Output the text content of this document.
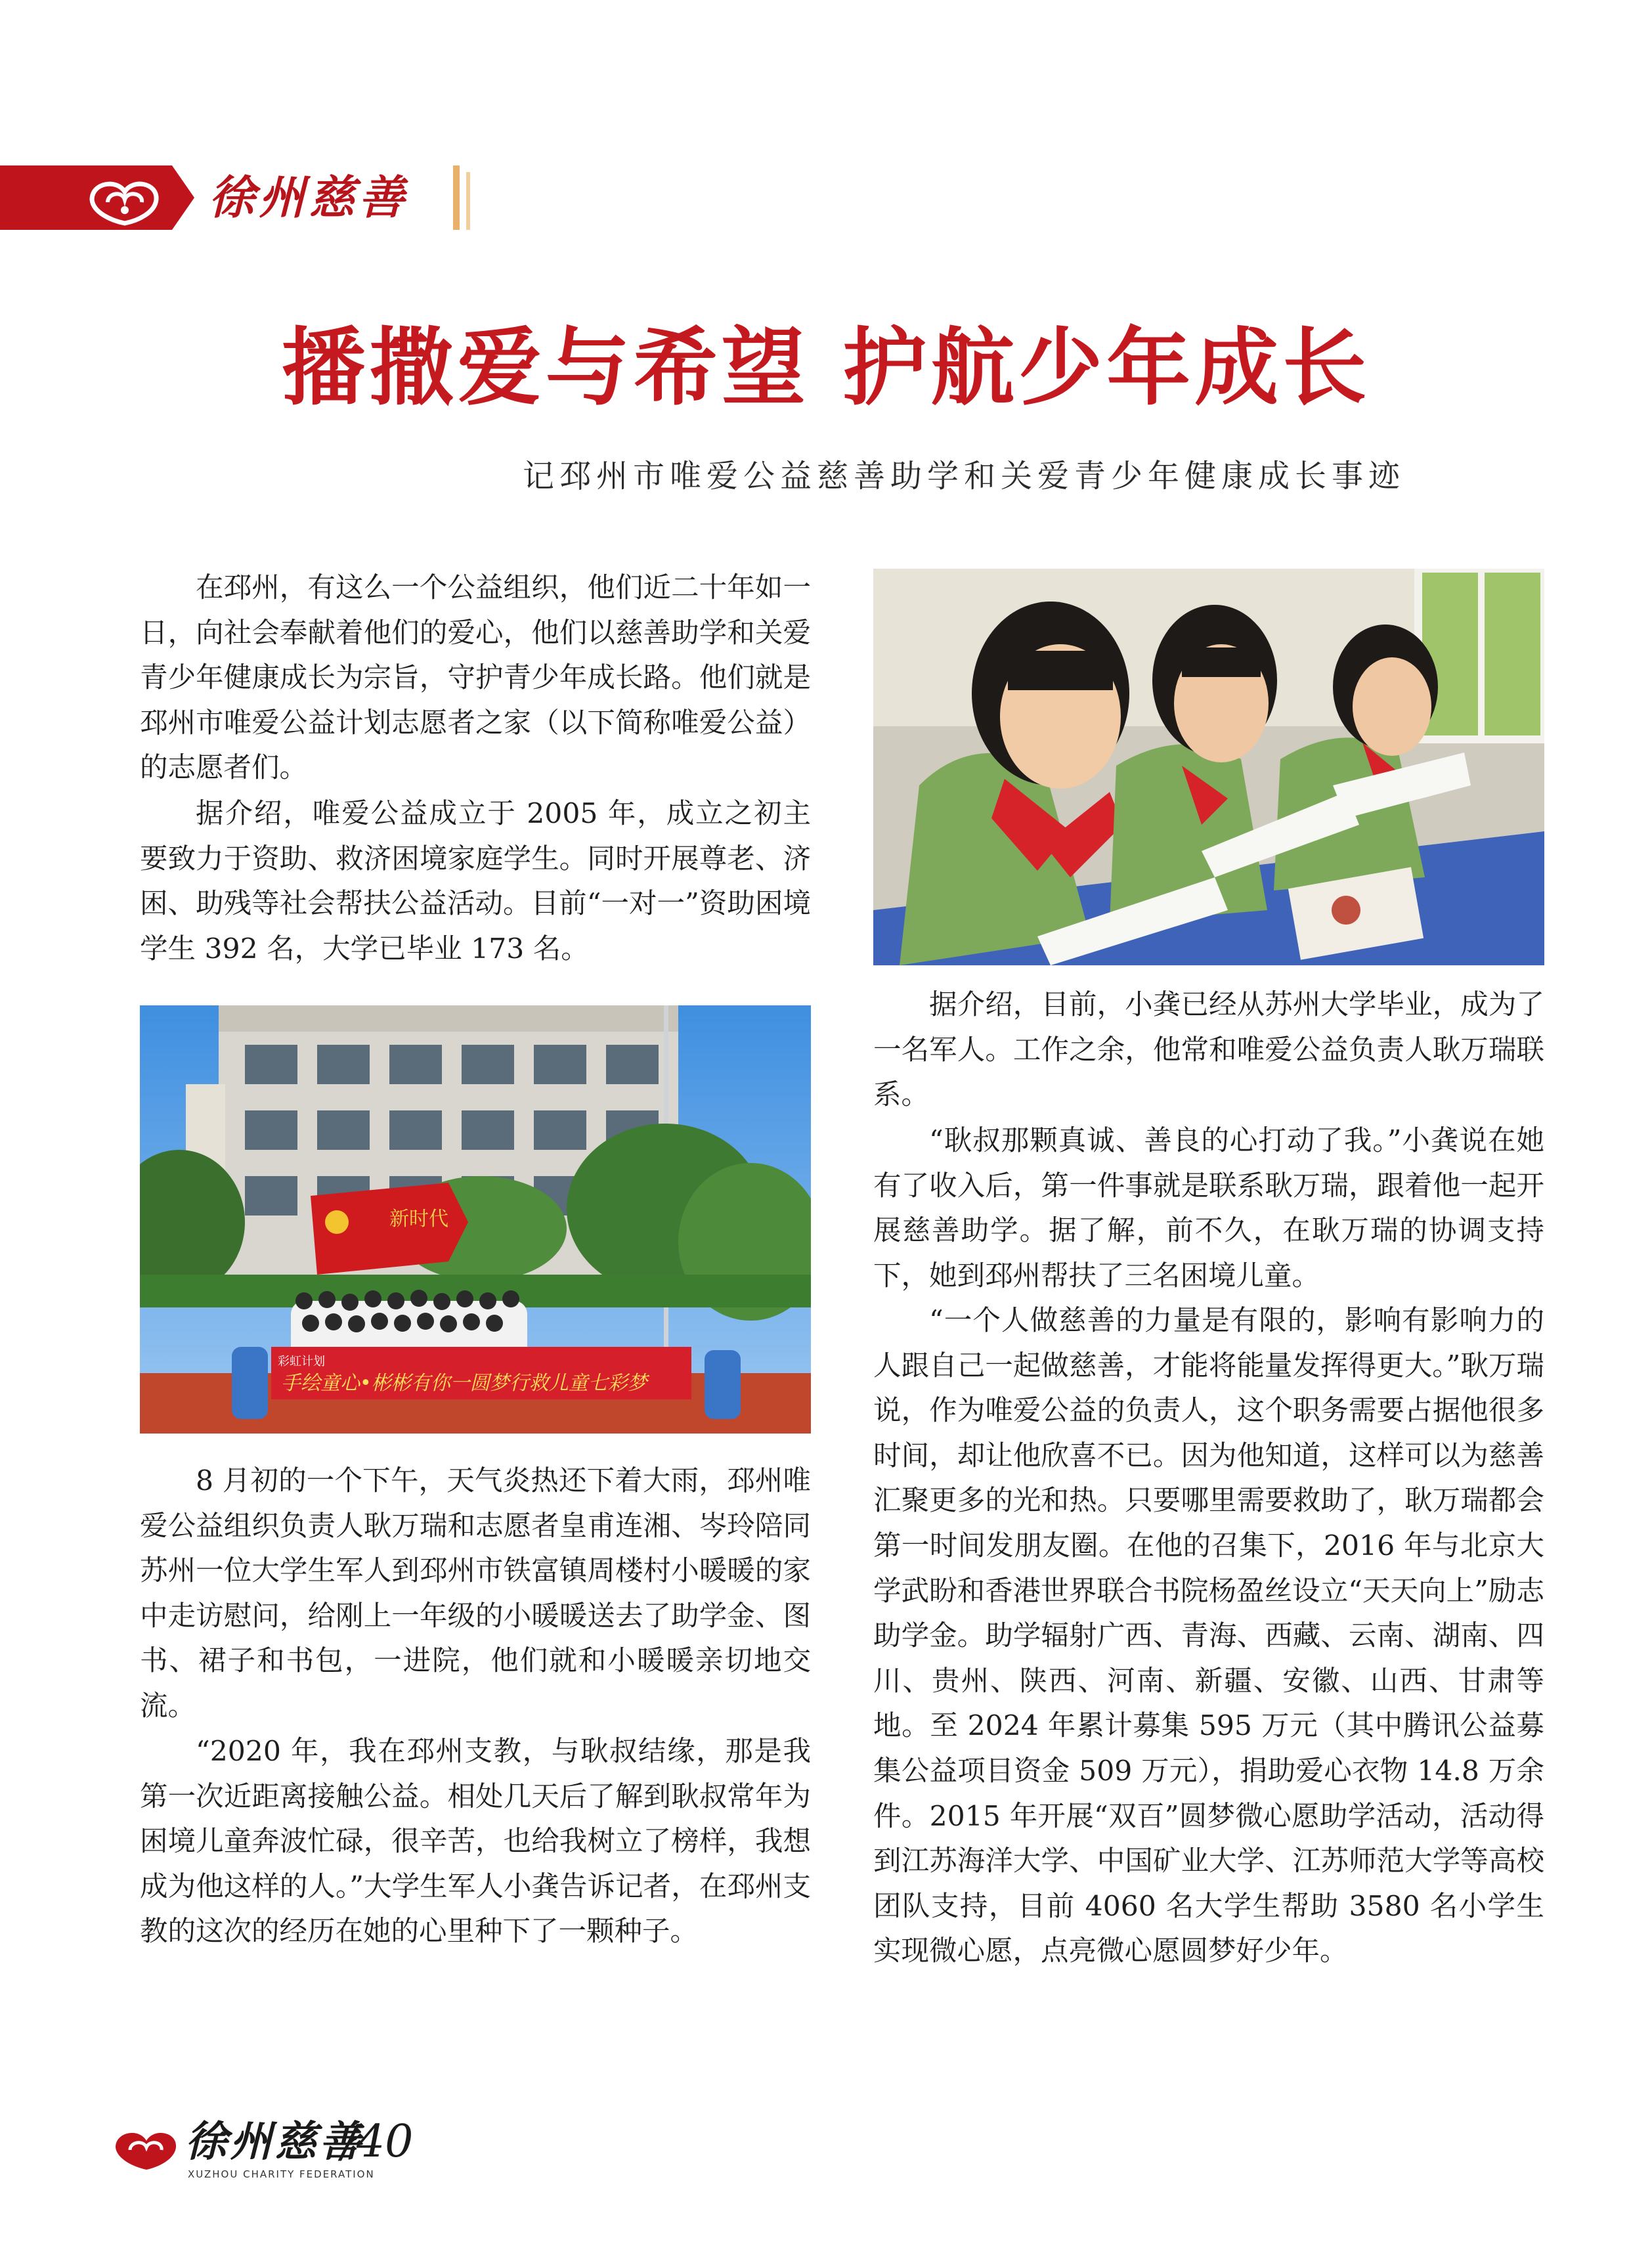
徐州慈善
播撒爱与希望 护航少年成长
记邳州市唯爱公益慈善助学和关爱青少年健康成长事迹

在邳州，有这么一个公益组织，他们近二十年如一日，向社会奉献着他们的爱心，他们以慈善助学和关爱青少年健康成长为宗旨，守护青少年成长路。他们就是邳州市唯爱公益计划志愿者之家（以下简称唯爱公益）的志愿者们。

据介绍，唯爱公益成立于 2005 年，成立之初主要致力于资助、救济困境家庭学生。同时开展尊老、济困、助残等社会帮扶公益活动。目前“一对一”资助困境学生 392 名，大学已毕业 173 名。

新时代
彩虹计划
手绘童心•彬彬有你一圆梦行救儿童七彩梦

8 月初的一个下午，天气炎热还下着大雨，邳州唯爱公益组织负责人耿万瑞和志愿者皇甫连湘、岑玲陪同苏州一位大学生军人到邳州市铁富镇周楼村小暖暖的家中走访慰问，给刚上一年级的小暖暖送去了助学金、图书、裙子和书包，一进院，他们就和小暖暖亲切地交流。

“2020 年，我在邳州支教，与耿叔结缘，那是我第一次近距离接触公益。相处几天后了解到耿叔常年为困境儿童奔波忙碌，很辛苦，也给我树立了榜样，我想成为他这样的人。”大学生军人小龚告诉记者，在邳州支教的这次的经历在她的心里种下了一颗种子。

据介绍，目前，小龚已经从苏州大学毕业，成为了一名军人。工作之余，他常和唯爱公益负责人耿万瑞联系。

“耿叔那颗真诚、善良的心打动了我。”小龚说在她有了收入后，第一件事就是联系耿万瑞，跟着他一起开展慈善助学。据了解，前不久，在耿万瑞的协调支持下，她到邳州帮扶了三名困境儿童。

“一个人做慈善的力量是有限的，影响有影响力的人跟自己一起做慈善，才能将能量发挥得更大。”耿万瑞说，作为唯爱公益的负责人，这个职务需要占据他很多时间，却让他欣喜不已。因为他知道，这样可以为慈善汇聚更多的光和热。只要哪里需要救助了，耿万瑞都会第一时间发朋友圈。在他的召集下，2016 年与北京大学武盼和香港世界联合书院杨盈丝设立“天天向上”励志助学金。助学辐射广西、青海、西藏、云南、湖南、四川、贵州、陕西、河南、新疆、安徽、山西、甘肃等地。至 2024 年累计募集 595 万元（其中腾讯公益募集公益项目资金 509 万元），捐助爱心衣物 14.8 万余件。2015 年开展“双百”圆梦微心愿助学活动，活动得到江苏海洋大学、中国矿业大学、江苏师范大学等高校团队支持，目前 4060 名大学生帮助 3580 名小学生实现微心愿，点亮微心愿圆梦好少年。

徐州慈善
XUZHOU CHARITY FEDERATION
/40
